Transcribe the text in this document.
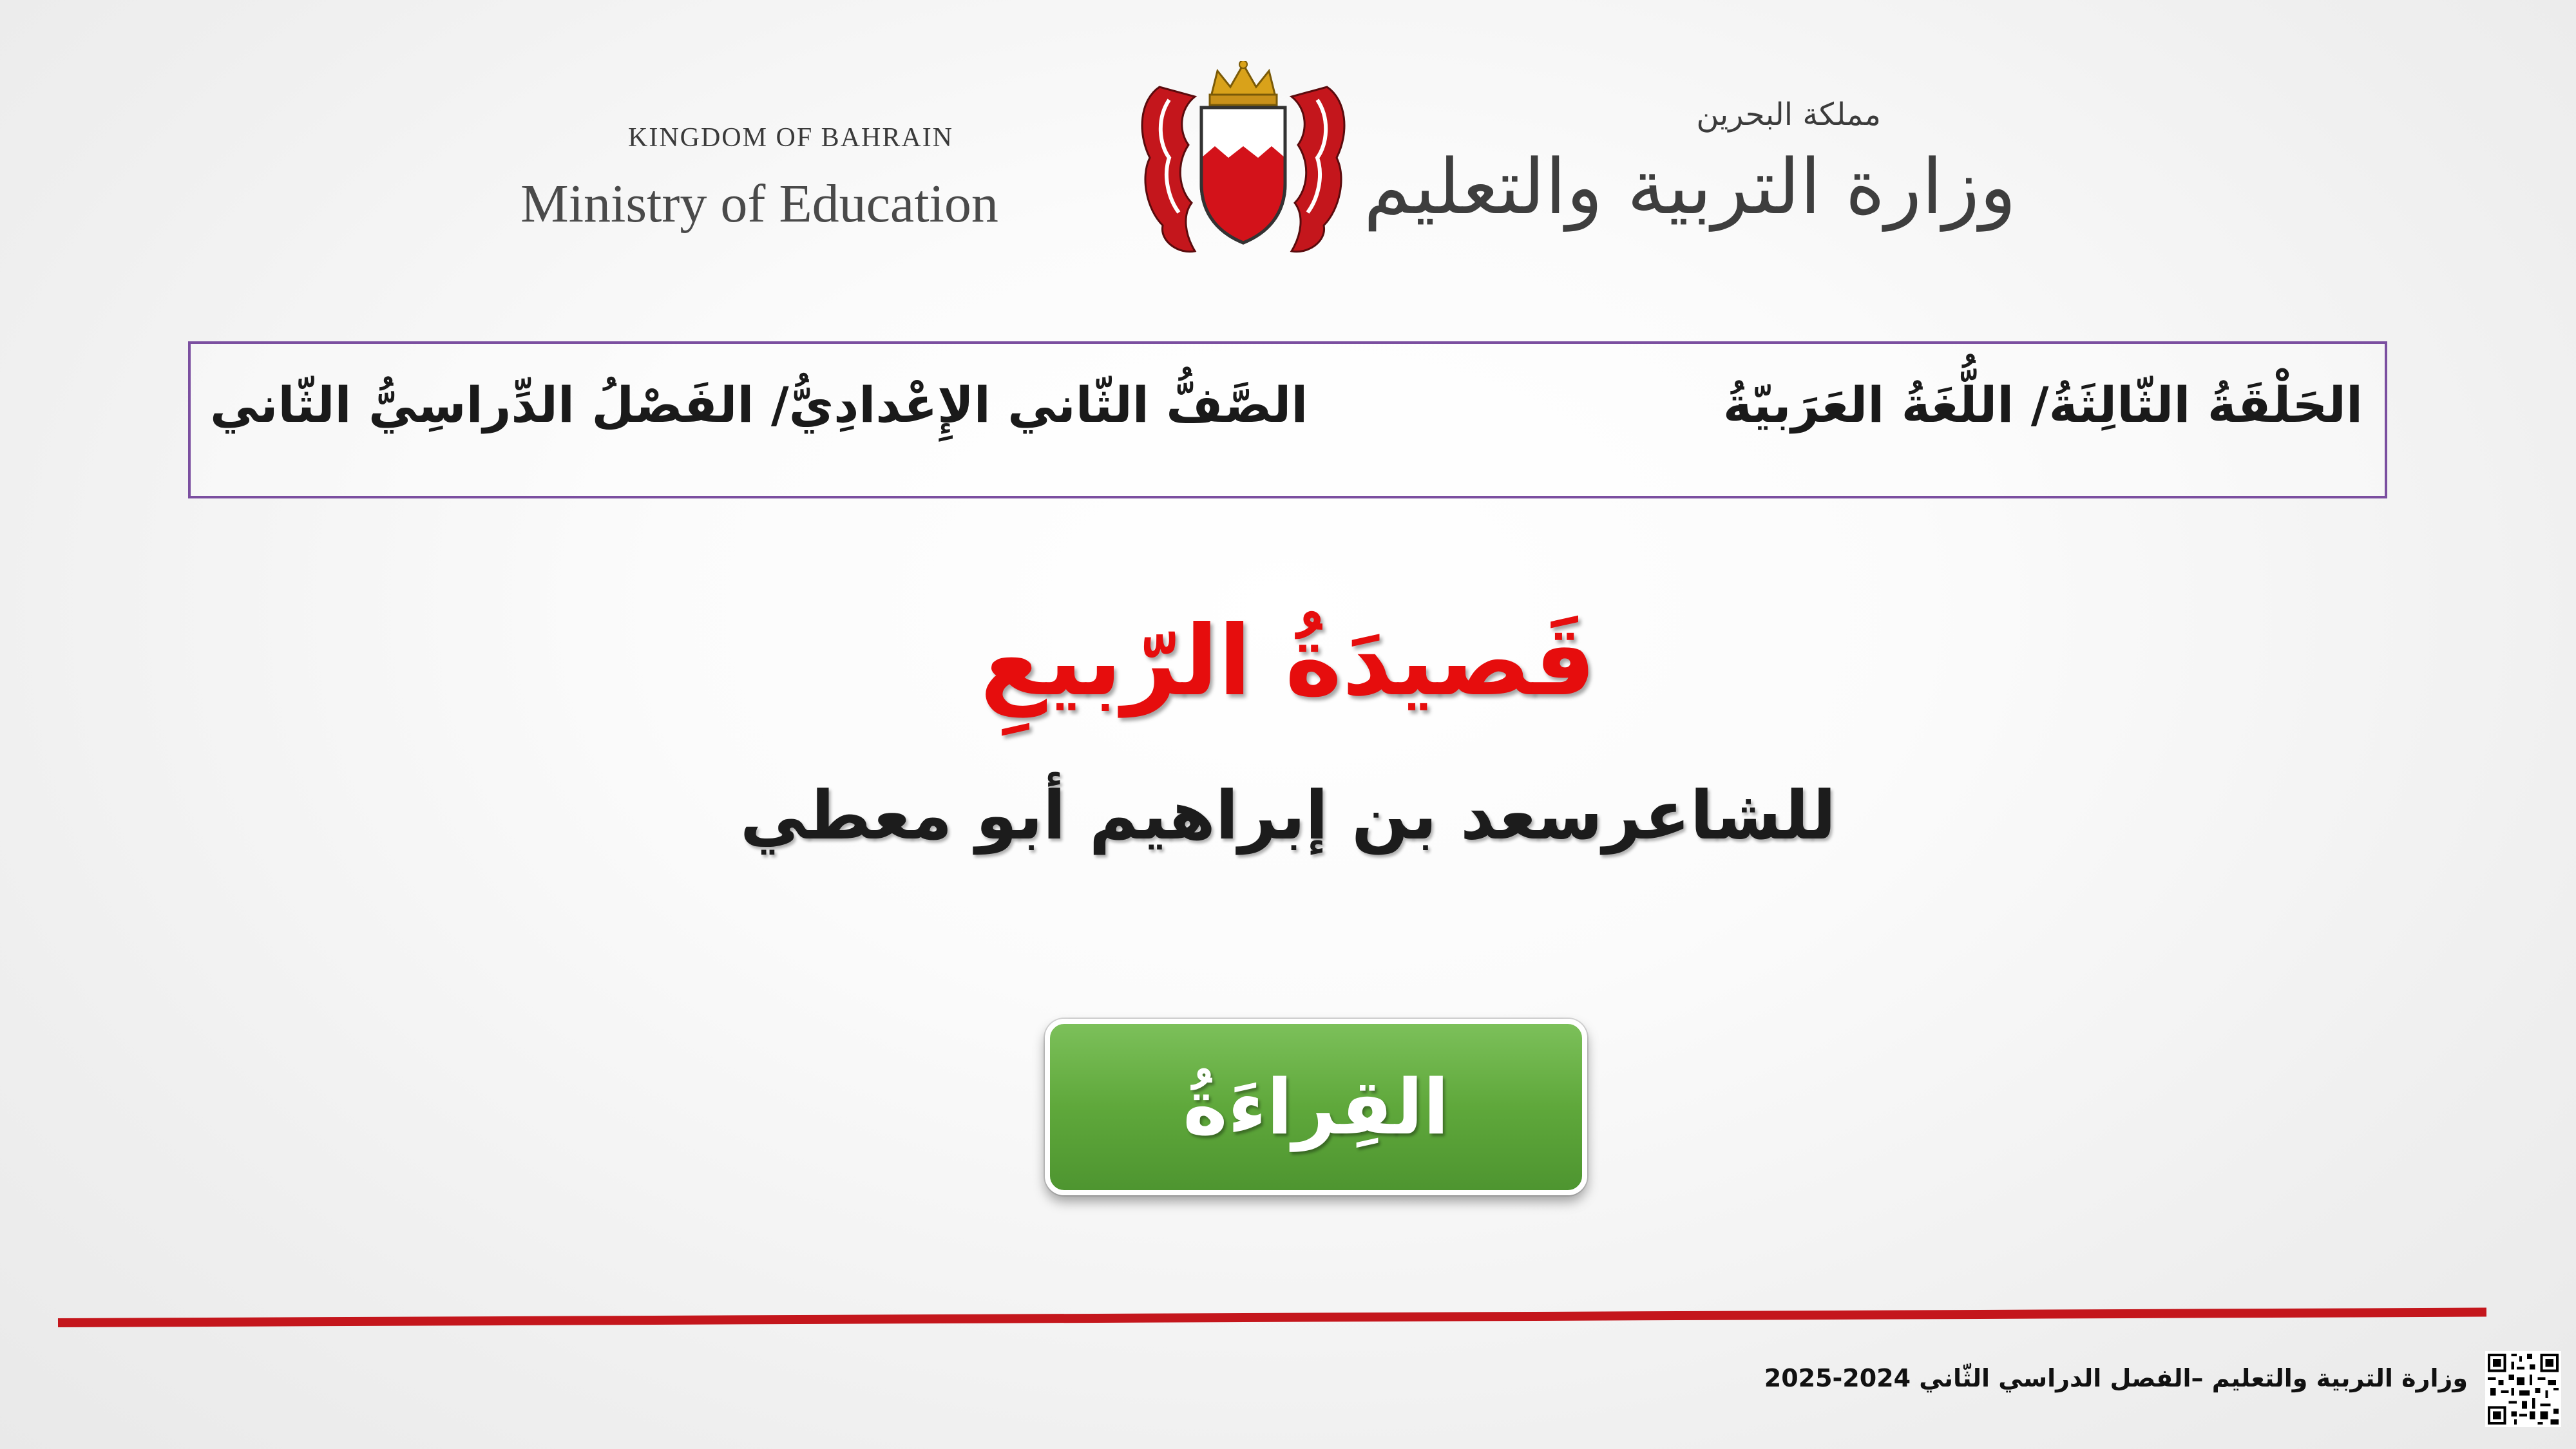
KINGDOM OF BAHRAIN
Ministry of Education
مملكة البحرين
وزارة التربية والتعليم
الحَلْقَةُ الثّالِثَةُ/ اللُّغَةُ العَرَبيّةُ
الصَّفُّ الثّاني الإِعْدادِيُّ/ الفَصْلُ الدِّراسِيُّ الثّاني
قَصيدَةُ الرّبيعِ
للشاعرسعد بن إبراهيم أبو معطي
القِراءَةُ
وزارة التربية والتعليم –الفصل الدراسي الثّاني 2024-2025
